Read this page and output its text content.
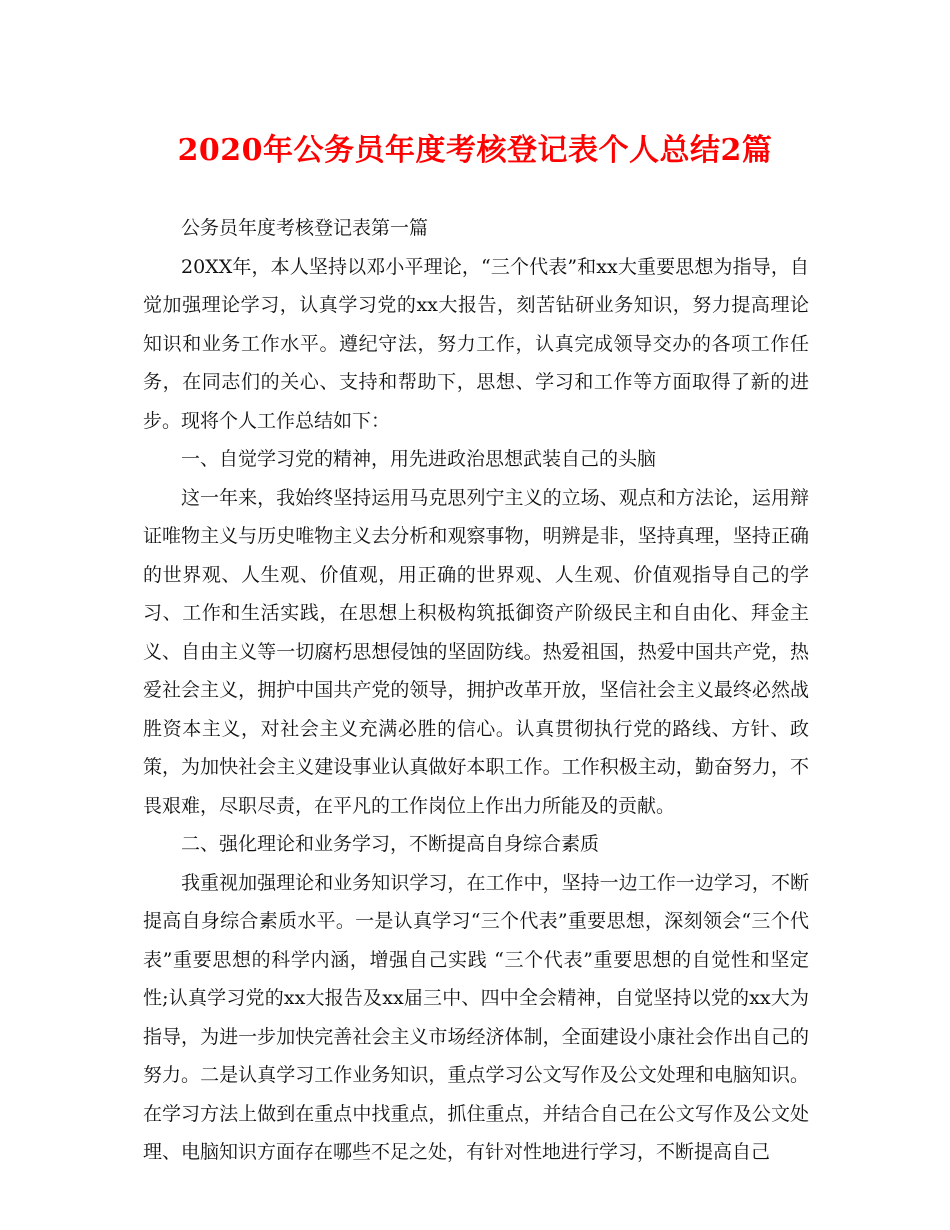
2020年公务员年度考核登记表个人总结2篇

公务员年度考核登记表第一篇

20XX年，本人坚持以邓小平理论，“三个代表”和xx大重要思想为指导，自觉加强理论学习，认真学习党的xx大报告，刻苦钻研业务知识，努力提高理论知识和业务工作水平。遵纪守法，努力工作，认真完成领导交办的各项工作任务，在同志们的关心、支持和帮助下，思想、学习和工作等方面取得了新的进步。现将个人工作总结如下：

一、自觉学习党的精神，用先进政治思想武装自己的头脑

这一年来，我始终坚持运用马克思列宁主义的立场、观点和方法论，运用辩证唯物主义与历史唯物主义去分析和观察事物，明辨是非，坚持真理，坚持正确的世界观、人生观、价值观，用正确的世界观、人生观、价值观指导自己的学习、工作和生活实践，在思想上积极构筑抵御资产阶级民主和自由化、拜金主义、自由主义等一切腐朽思想侵蚀的坚固防线。热爱祖国，热爱中国共产党，热爱社会主义，拥护中国共产党的领导，拥护改革开放，坚信社会主义最终必然战胜资本主义，对社会主义充满必胜的信心。认真贯彻执行党的路线、方针、政策，为加快社会主义建设事业认真做好本职工作。工作积极主动，勤奋努力，不畏艰难，尽职尽责，在平凡的工作岗位上作出力所能及的贡献。

二、强化理论和业务学习，不断提高自身综合素质

我重视加强理论和业务知识学习，在工作中，坚持一边工作一边学习，不断提高自身综合素质水平。一是认真学习“三个代表”重要思想，深刻领会“三个代表”重要思想的科学内涵，增强自己实践 “三个代表”重要思想的自觉性和坚定性;认真学习党的xx大报告及xx届三中、四中全会精神，自觉坚持以党的xx大为指导，为进一步加快完善社会主义市场经济体制，全面建设小康社会作出自己的努力。二是认真学习工作业务知识，重点学习公文写作及公文处理和电脑知识。在学习方法上做到在重点中找重点，抓住重点，并结合自己在公文写作及公文处理、电脑知识方面存在哪些不足之处，有针对性地进行学习，不断提高自己
